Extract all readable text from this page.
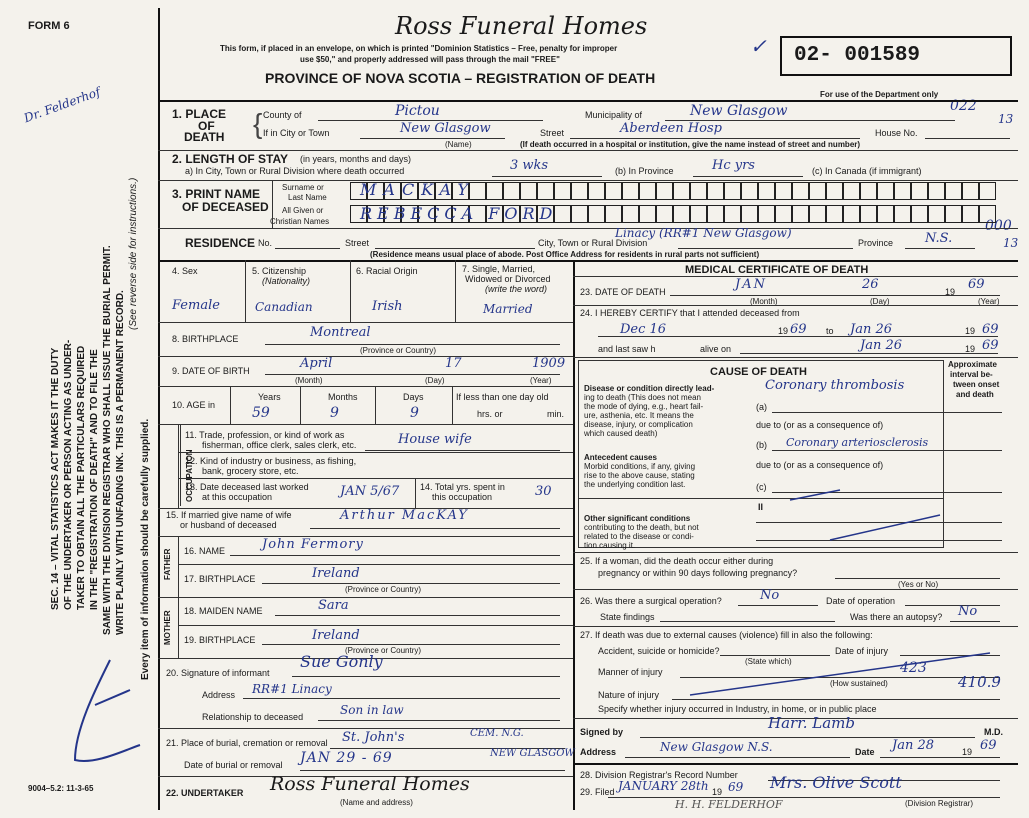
FORM 6	Ross Funeral Homes
This form, if placed in an envelope, on which is printed "Dominion Statistics – Free, penalty for improper
use $50," and properly addressed will pass through the mail "FREE"
PROVINCE OF NOVA SCOTIA – REGISTRATION OF DEATH
02- 001589
For use of the Department only
✓
022
13
000
13
Dr. Felderhof
9004–5.2: 11-3-65
SEC. 14 – VITAL STATISTICS ACT MAKES IT THE DUTY OF THE UNDERTAKER OR PERSON ACTING AS UNDER- TAKER TO OBTAIN ALL THE PARTICULARS REQUIRED IN THE "REGISTRATION OF DEATH" AND TO FILE THE SAME WITH THE DIVISION REGISTRAR WHO SHALL ISSUE THE BURIAL PERMIT. WRITE PLAINLY WITH UNFADING INK. THIS IS A PERMANENT RECORD.
(See reverse side for instructions.)
Every item of information should be carefully supplied.
1. PLACE
OF
DEATH { County of	Pictou	Municipality of	New Glasgow
If in City or Town	New Glasgow
(Name)
Street	Aberdeen Hosp	House No.
(If death occurred in a hospital or institution, give the name instead of street and number)
2. LENGTH OF STAY (in years, months and days)
a) In City, Town or Rural Division where death occurred	3 wks	(b) In Province	Hc yrs	(c) In Canada (if immigrant)
3. PRINT NAME
OF DECEASED
Surname or
Last Name
All Given or
Christian Names
MACKAY
REBECCA FORD
RESIDENCE No.	Street	City, Town or Rural Division
Linacy (RR#1 New Glasgow)
Province N.S.
(Residence means usual place of abode. Post Office Address for residents in rural parts not sufficient)
4. Sex
Female
5. Citizenship
(Nationality)
Canadian
6. Racial Origin
Irish
7. Single, Married,
Widowed or Divorced
(write the word)
Married
8. BIRTHPLACE	Montreal
(Province or Country)
9. DATE OF BIRTH	April	17	1909
(Month)	(Day)	(Year)
10. AGE in
Years	Months	Days	If less than one day old
hrs. or	min.
59	9	9
OCCUPATION
11. Trade, profession, or kind of work as
fisherman, office clerk, sales clerk, etc.	House wife
12. Kind of industry or business, as fishing,
bank, grocery store, etc.
13. Date deceased last worked
at this occupation	JAN 5/67 14. Total yrs. spent in
this occupation	30
15. If married give name of wife
or husband of deceased
Arthur MacKAY
FATHER 16. NAME	John Fermory
17. BIRTHPLACE	Ireland
(Province or Country)
MOTHER 18. MAIDEN NAME	Sara
19. BIRTHPLACE	Ireland
(Province or Country)
20. Signature of informant
Sue Gonly
Address RR#1 Linacy
Relationship to deceased	Son in law
21. Place of burial, cremation or removal St. John's	CEM. N.G.
Date of burial or removal JAN 29 - 69	NEW GLASGOW
22. UNDERTAKER Ross Funeral Homes
(Name and address)
MEDICAL CERTIFICATE OF DEATH
23. DATE OF DEATH	JAN	26	19 69
(Month)	(Day)	(Year)
24. I HEREBY CERTIFY that I attended deceased from
Dec 16	19 69 to Jan 26	19 69
and last saw h	alive on	Jan 26	19 69
CAUSE OF DEATH
Approximate
interval be-
tween onset
and death
Disease or condition directly lead-
ing to death (This does not mean
the mode of dying, e.g., heart fail-
ure, asthenia, etc. It means the
disease, injury, or complication
which caused death)
(a)
Coronary thrombosis
due to (or as a consequence of)
(b) Coronary arteriosclerosis
Antecedent causes
Morbid conditions, if any, giving
rise to the above cause, stating
the underlying condition last.
due to (or as a consequence of)
(c)
II
Other significant conditions
contributing to the death, but not
related to the disease or condi-
tion causing it.
25. If a woman, did the death occur either during
pregnancy or within 90 days following pregnancy?
(Yes or No)
26. Was there a surgical operation?	No	Date of operation
State findings	Was there an autopsy? No
27. If death was due to external causes (violence) fill in also the following:
Accident, suicide or homicide?
(State which)
Date of injury
Manner of injury
(How sustained)
423
Nature of injury
410.9
Specify whether injury occurred in Industry, in home, or in public place
Signed by	Harr. Lamb	M.D.
Address	New Glasgow N.S.	Date Jan 28	19 69
28. Division Registrar's Record Number
29. Filed JANUARY 28th 19 69 Mrs. Olive Scott
(Division Registrar)
H. H. FELDERHOF
